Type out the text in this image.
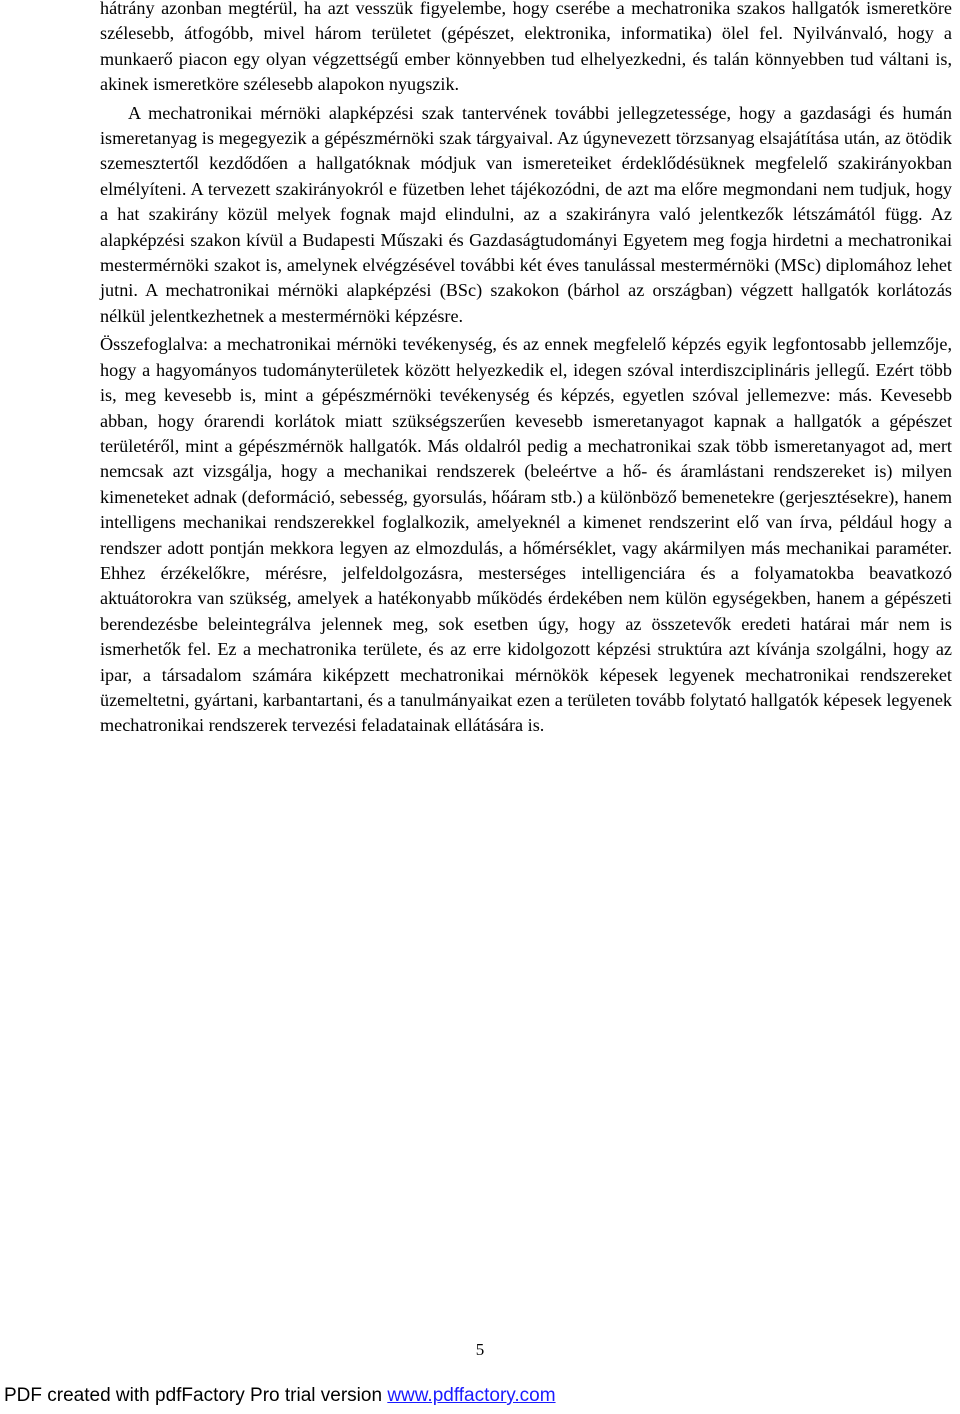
hátrány azonban megtérül, ha azt vesszük figyelembe, hogy cserébe a mechatronika szakos hallgatók ismeretköre szélesebb, átfogóbb, mivel három területet (gépészet, elektronika, informatika) ölel fel. Nyilvánvaló, hogy a munkaerő piacon egy olyan végzettségű ember könnyebben tud elhelyezkedni, és talán könnyebben tud váltani is, akinek ismeretköre szélesebb alapokon nyugszik.

A mechatronikai mérnöki alapképzési szak tantervének további jellegzetessége, hogy a gazdasági és humán ismeretanyag is megegyezik a gépészmérnöki szak tárgyaival. Az úgynevezett törzsanyag elsajátítása után, az ötödik szemesztertől kezdődően a hallgatóknak módjuk van ismereteiket érdeklődésüknek megfelelő szakirányokban elmélyíteni. A tervezett szakirányokról e füzetben lehet tájékozódni, de azt ma előre megmondani nem tudjuk, hogy a hat szakirány közül melyek fognak majd elindulni, az a szakirányra való jelentkezők létszámától függ. Az alapképzési szakon kívül a Budapesti Műszaki és Gazdaságtudományi Egyetem meg fogja hirdetni a mechatronikai mestermérnöki szakot is, amelynek elvégzésével további két éves tanulással mestermérnöki (MSc) diplomához lehet jutni. A mechatronikai mérnöki alapképzési (BSc) szakokon (bárhol az országban) végzett hallgatók korlátozás nélkül jelentkezhetnek a mestermérnöki képzésre.

Összefoglalva: a mechatronikai mérnöki tevékenység, és az ennek megfelelő képzés egyik legfontosabb jellemzője, hogy a hagyományos tudományterületek között helyezkedik el, idegen szóval interdiszciplináris jellegű. Ezért több is, meg kevesebb is, mint a gépészmérnöki tevékenység és képzés, egyetlen szóval jellemezve: más. Kevesebb abban, hogy órarendi korlátok miatt szükségszerűen kevesebb ismeretanyagot kapnak a hallgatók a gépészet területéről, mint a gépészmérnök hallgatók. Más oldalról pedig a mechatronikai szak több ismeretanyagot ad, mert nemcsak azt vizsgálja, hogy a mechanikai rendszerek (beleértve a hő- és áramlástani rendszereket is) milyen kimeneteket adnak (deformáció, sebesség, gyorsulás, hőáram stb.) a különböző bemenetekre (gerjesztésekre), hanem intelligens mechanikai rendszerekkel foglalkozik, amelyeknél a kimenet rendszerint elő van írva, például hogy a rendszer adott pontján mekkora legyen az elmozdulás, a hőmérséklet, vagy akármilyen más mechanikai paraméter. Ehhez érzékelőkre, mérésre, jelfeldolgozásra, mesterséges intelligenciára és a folyamatokba beavatkozó aktuátorokra van szükség, amelyek a hatékonyabb működés érdekében nem külön egységekben, hanem a gépészeti berendezésbe beleintegrálva jelennek meg, sok esetben úgy, hogy az összetevők eredeti határai már nem is ismerhetők fel. Ez a mechatronika területe, és az erre kidolgozott képzési struktúra azt kívánja szolgálni, hogy az ipar, a társadalom számára kiképzett mechatronikai mérnökök képesek legyenek mechatronikai rendszereket üzemeltetni, gyártani, karbantartani, és a tanulmányaikat ezen a területen tovább folytató hallgatók képesek legyenek mechatronikai rendszerek tervezési feladatainak ellátására is.

5
PDF created with pdfFactory Pro trial version www.pdffactory.com
